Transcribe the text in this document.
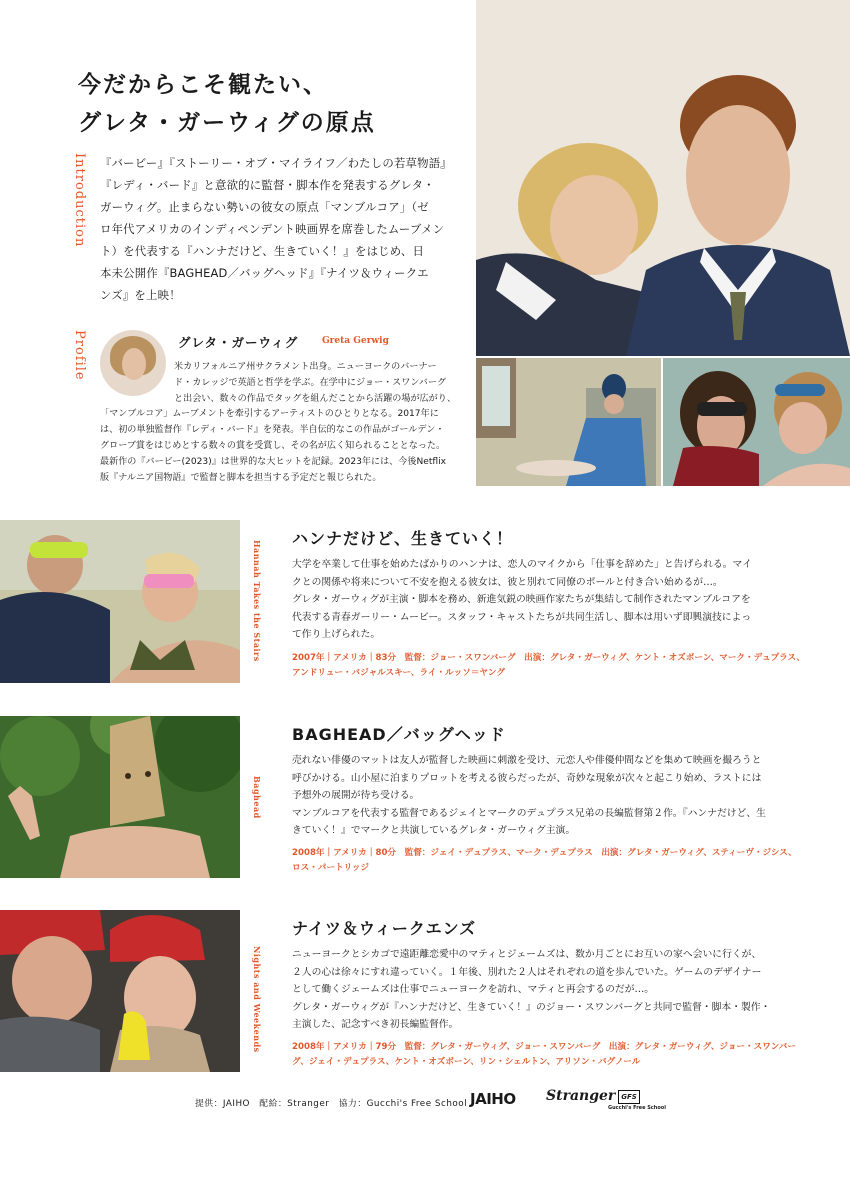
今だからこそ観たい、
グレタ・ガーウィグの原点
Introduction 『バービー』『ストーリー・オブ・マイライフ／わたしの若草物語』
『レディ・バード』と意欲的に監督・脚本作を発表するグレタ・
ガーウィグ。止まらない勢いの彼女の原点「マンブルコア」（ゼ
ロ年代アメリカのインディペンデント映画界を席巻したムーブメン
ト）を代表する『ハンナだけど、生きていく！』をはじめ、日
本未公開作『BAGHEAD／バッグヘッド』『ナイツ＆ウィークエ
ンズ』を上映！
Profile	グレタ・ガーウィグ	Greta Gerwig
米カリフォルニア州サクラメント出身。ニューヨークのバーナー
ド・カレッジで英語と哲学を学ぶ。在学中にジョー・スワンバーグ
と出会い、数々の作品でタッグを組んだことから活躍の場が広がり、
「マンブルコア」ムーブメントを牽引するアーティストのひとりとなる。2017年に
は、初の単独監督作『レディ・バード』を発表。半自伝的なこの作品がゴールデン・
グローブ賞をはじめとする数々の賞を受賞し、その名が広く知られることとなった。
最新作の『バービー(2023)』は世界的な大ヒットを記録。2023年には、今後Netflix
版『ナルニア国物語』で監督と脚本を担当する予定だと報じられた。
Hannah Takes the Stairs
ハンナだけど、生きていく！
大学を卒業して仕事を始めたばかりのハンナは、恋人のマイクから「仕事を辞めた」と告げられる。マイ
クとの関係や将来について不安を抱える彼女は、彼と別れて同僚のポールと付き合い始めるが…。
グレタ・ガーウィグが主演・脚本を務め、新進気鋭の映画作家たちが集結して制作されたマンブルコアを
代表する青春ガーリー・ムービー。スタッフ・キャストたちが共同生活し、脚本は用いず即興演技によっ
て作り上げられた。
2007年｜アメリカ｜83分　監督：ジョー・スワンバーグ　出演：グレタ・ガーウィグ、ケント・オズボーン、マーク・デュプラス、
アンドリュー・バジャルスキー、ライ・ルッソ＝ヤング
Baghead
BAGHEAD／バッグヘッド
売れない俳優のマットは友人が監督した映画に刺激を受け、元恋人や俳優仲間などを集めて映画を撮ろうと
呼びかける。山小屋に泊まりプロットを考える彼らだったが、奇妙な現象が次々と起こり始め、ラストには
予想外の展開が待ち受ける。
マンブルコアを代表する監督であるジェイとマークのデュプラス兄弟の長編監督第２作。『ハンナだけど、生
きていく！』でマークと共演しているグレタ・ガーウィグ主演。
2008年｜アメリカ｜80分　監督：ジェイ・デュプラス、マーク・デュプラス　出演：グレタ・ガーウィグ、スティーヴ・ジシス、
ロス・パートリッジ
Nights and Weekends
ナイツ＆ウィークエンズ
ニューヨークとシカゴで遠距離恋愛中のマティとジェームズは、数か月ごとにお互いの家へ会いに行くが、
２人の心は徐々にすれ違っていく。１年後、別れた２人はそれぞれの道を歩んでいた。ゲームのデザイナー
として働くジェームズは仕事でニューヨークを訪れ、マティと再会するのだが…。
グレタ・ガーウィグが『ハンナだけど、生きていく！』のジョー・スワンバーグと共同で監督・脚本・製作・
主演した、記念すべき初長編監督作。
2008年｜アメリカ｜79分　監督：グレタ・ガーウィグ、ジョー・スワンバーグ　出演：グレタ・ガーウィグ、ジョー・スワンバー
グ、ジェイ・デュプラス、ケント・オズボーン、リン・シェルトン、アリソン・バグノール
提供：JAIHO　配給：Stranger　協力：Gucchi's Free School JAIHO Stranger GFS
Gucchi's Free School
